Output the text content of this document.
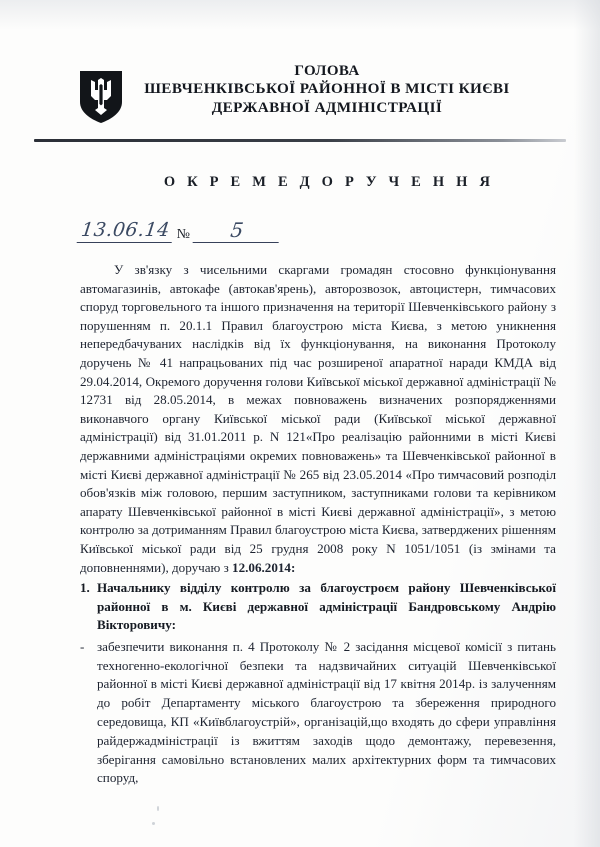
ГОЛОВА
ШЕВЧЕНКІВСЬКОЇ РАЙОННОЇ В МІСТІ КИЄВІ
ДЕРЖАВНОЇ АДМІНІСТРАЦІЇ
О К Р Е М Е Д О Р У Ч Е Н Н Я
13.06.14 №	5

У зв'язку з чисельними скаргами громадян стосовно функціонування автомагазинів, автокафе (автокав'ярень), авторозвозок, автоцистерн, тимчасових споруд торговельного та іншого призначення на території Шевченківського району з порушенням п. 20.1.1 Правил благоустрою міста Києва, з метою уникнення непередбачуваних наслідків від їх функціонування, на виконання Протоколу доручень № 41 напрацьованих під час розширеної апаратної наради КМДА від 29.04.2014, Окремого доручення голови Київської міської державної адміністрації № 12731 від 28.05.2014, в межах повноважень визначених розпорядженнями виконавчого органу Київської міської ради (Київської міської державної адміністрації) від 31.01.2011 р. N 121«Про реалізацію районними в місті Києві державними адміністраціями окремих повноважень» та Шевченківської районної в місті Києві державної адміністрації № 265 від 23.05.2014 «Про тимчасовий розподіл обов'язків між головою, першим заступником, заступниками голови та керівником апарату Шевченківської районної в місті Києві державної адміністрації», з метою контролю за дотриманням Правил благоустрою міста Києва, затверджених рішенням Київської міської ради від 25 грудня 2008 року N 1051/1051 (із змінами та доповненнями), доручаю з 12.06.2014:

1. Начальнику відділу контролю за благоустроєм району Шевченківської районної в м. Києві державної адміністрації Бандровському Андрію Вікторовичу:
- забезпечити виконання п. 4 Протоколу № 2 засідання місцевої комісії з питань техногенно-екологічної безпеки та надзвичайних ситуацій Шевченківської районної в місті Києві державної адміністрації від 17 квітня 2014р. із залученням до робіт Департаменту міського благоустрою та збереження природного середовища, КП «Київблагоустрій», організацій,що входять до сфери управління райдержадміністрації із вжиттям заходів щодо демонтажу, перевезення, зберігання самовільно встановлених малих архітектурних форм та тимчасових споруд,
